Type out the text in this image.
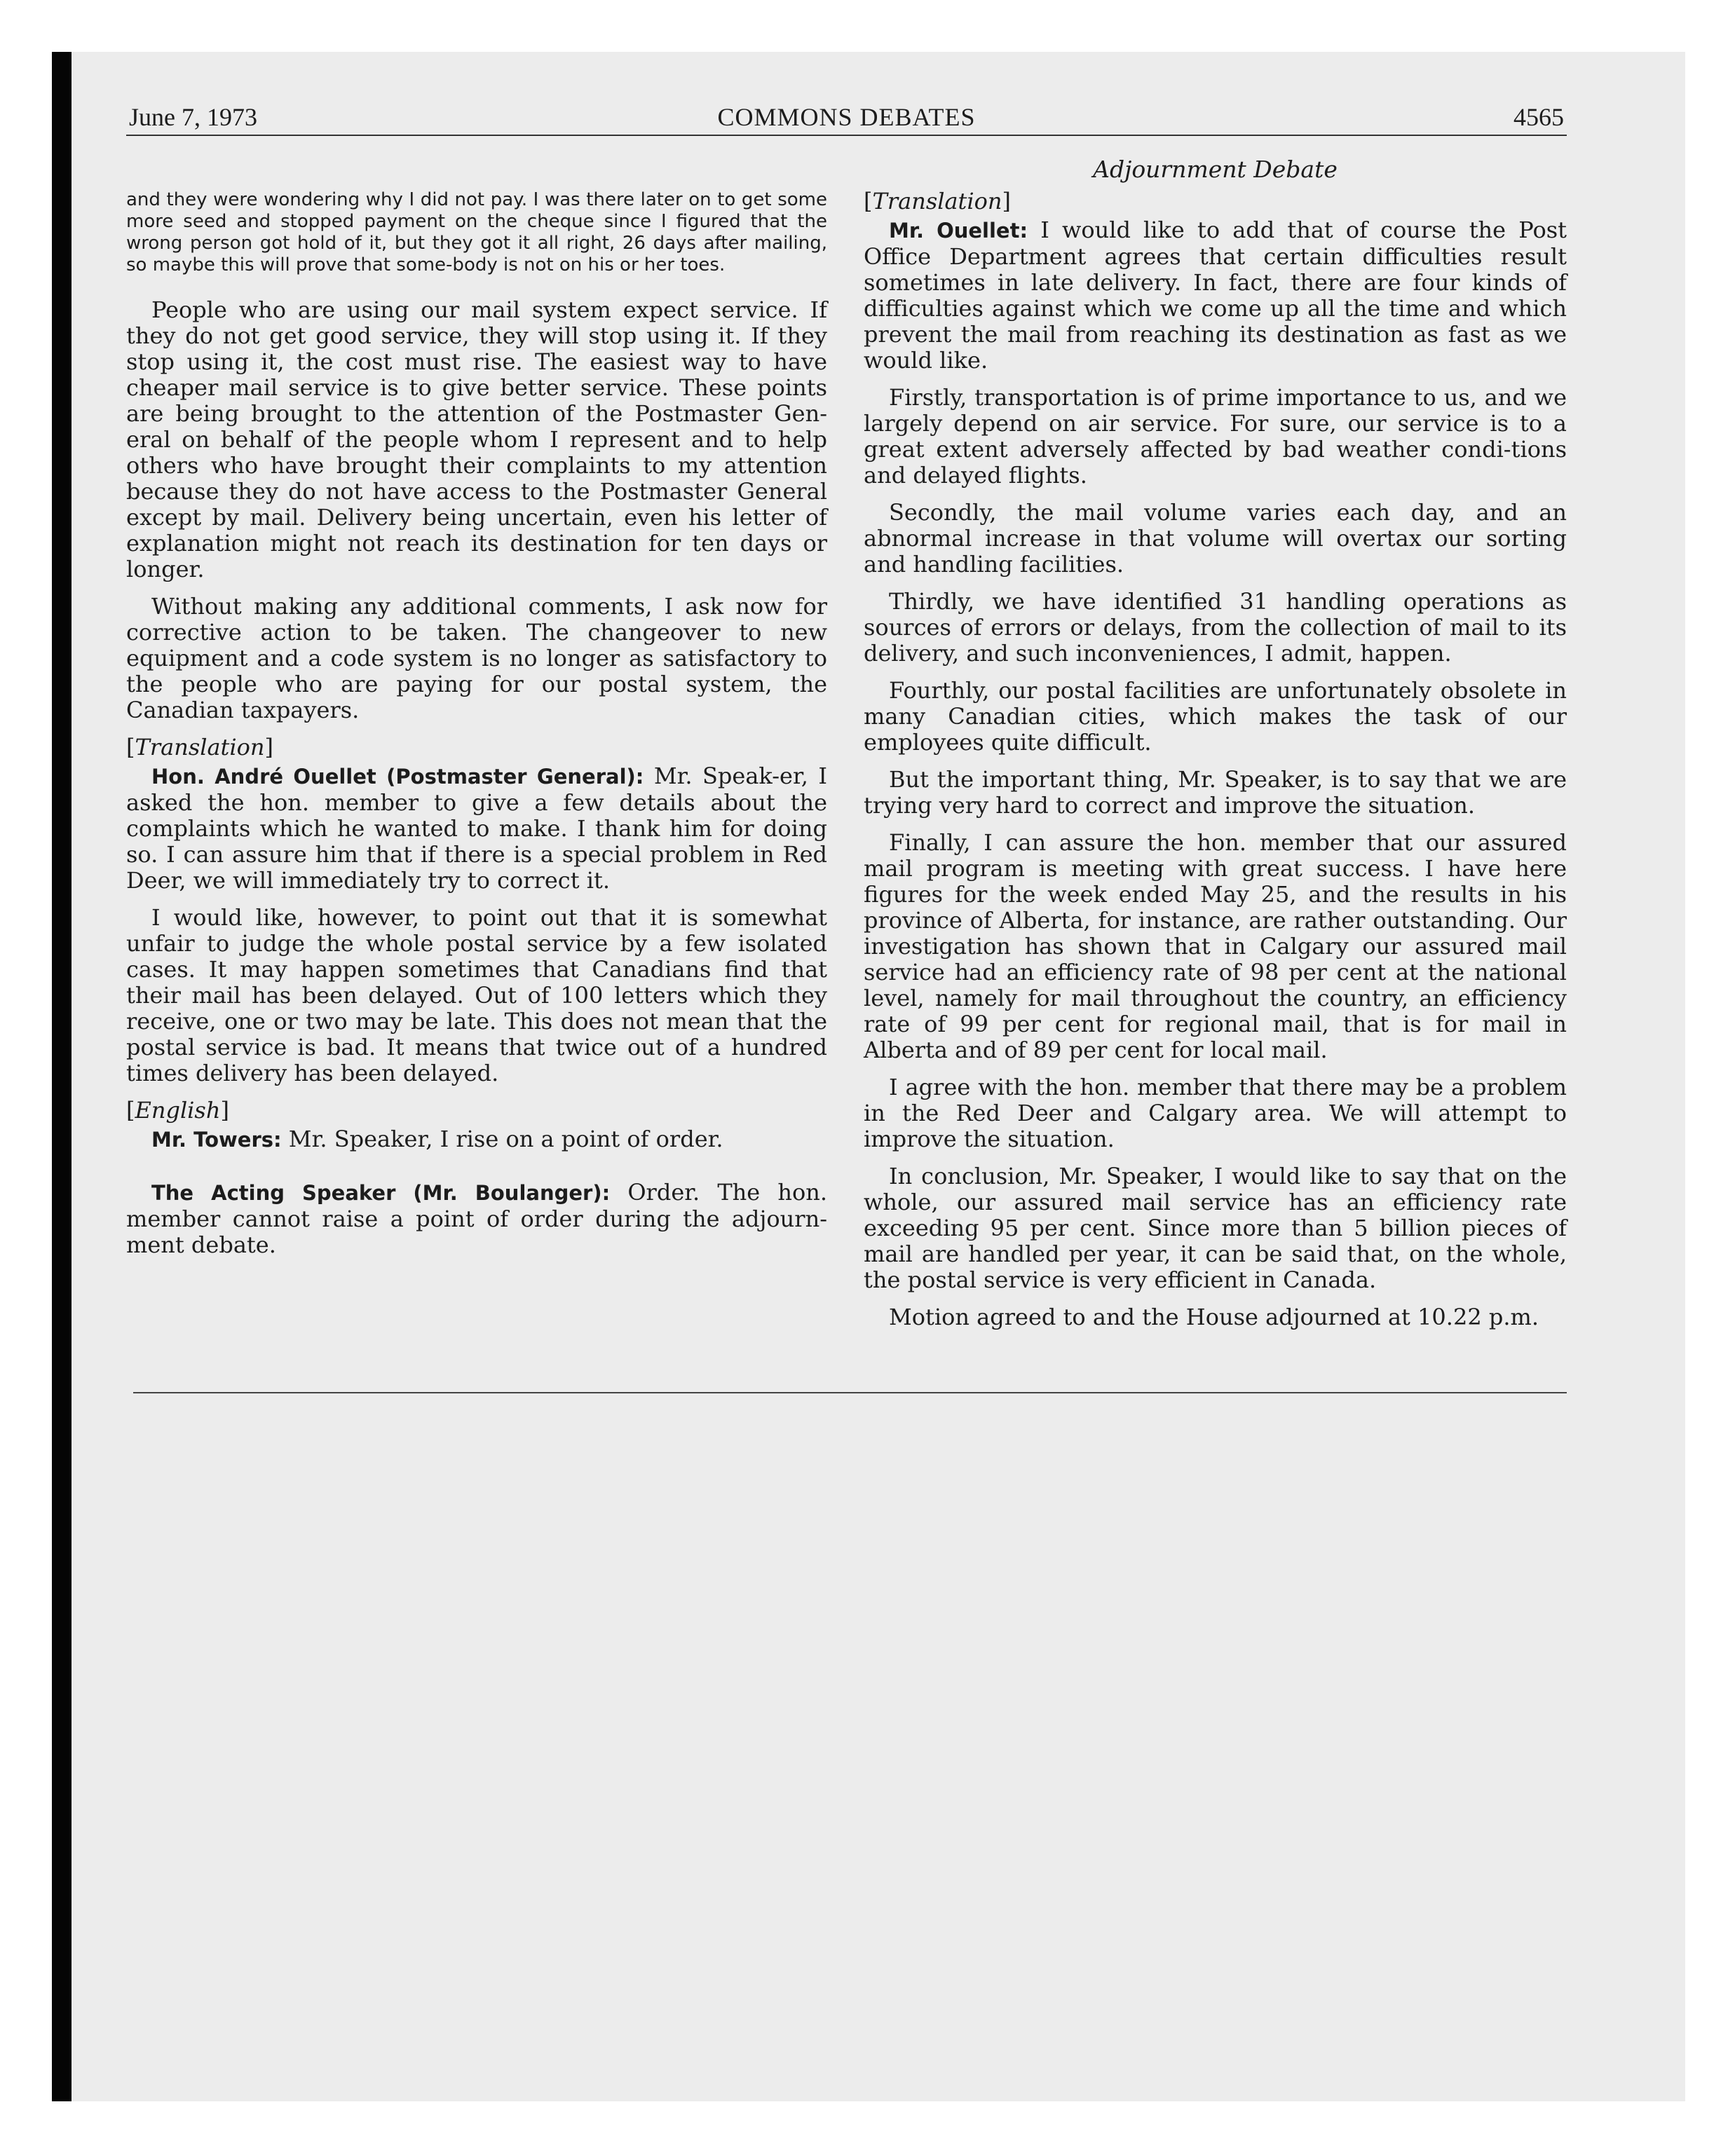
June 7, 1973	COMMONS DEBATES	4565

and they were wondering why I did not pay. I was there later on to get some more seed and stopped payment on the cheque since I figured that the wrong person got hold of it, but they got it all right, 26 days after mailing, so maybe this will prove that some-body is not on his or her toes.

People who are using our mail system expect service. If they do not get good service, they will stop using it. If they stop using it, the cost must rise. The easiest way to have cheaper mail service is to give better service. These points are being brought to the attention of the Postmaster Gen-eral on behalf of the people whom I represent and to help others who have brought their complaints to my attention because they do not have access to the Postmaster General except by mail. Delivery being uncertain, even his letter of explanation might not reach its destination for ten days or longer.

Without making any additional comments, I ask now for corrective action to be taken. The changeover to new equipment and a code system is no longer as satisfactory to the people who are paying for our postal system, the Canadian taxpayers.

[Translation]

Hon. André Ouellet (Postmaster General): Mr. Speak-er, I asked the hon. member to give a few details about the complaints which he wanted to make. I thank him for doing so. I can assure him that if there is a special problem in Red Deer, we will immediately try to correct it.

I would like, however, to point out that it is somewhat unfair to judge the whole postal service by a few isolated cases. It may happen sometimes that Canadians find that their mail has been delayed. Out of 100 letters which they receive, one or two may be late. This does not mean that the postal service is bad. It means that twice out of a hundred times delivery has been delayed.

[English]

Mr. Towers: Mr. Speaker, I rise on a point of order.

The Acting Speaker (Mr. Boulanger): Order. The hon. member cannot raise a point of order during the adjourn-ment debate.

Adjournment Debate
[Translation]

Mr. Ouellet: I would like to add that of course the Post Office Department agrees that certain difficulties result sometimes in late delivery. In fact, there are four kinds of difficulties against which we come up all the time and which prevent the mail from reaching its destination as fast as we would like.

Firstly, transportation is of prime importance to us, and we largely depend on air service. For sure, our service is to a great extent adversely affected by bad weather condi-tions and delayed flights.

Secondly, the mail volume varies each day, and an abnormal increase in that volume will overtax our sorting and handling facilities.

Thirdly, we have identified 31 handling operations as sources of errors or delays, from the collection of mail to its delivery, and such inconveniences, I admit, happen.

Fourthly, our postal facilities are unfortunately obsolete in many Canadian cities, which makes the task of our employees quite difficult.

But the important thing, Mr. Speaker, is to say that we are trying very hard to correct and improve the situation.

Finally, I can assure the hon. member that our assured mail program is meeting with great success. I have here figures for the week ended May 25, and the results in his province of Alberta, for instance, are rather outstanding. Our investigation has shown that in Calgary our assured mail service had an efficiency rate of 98 per cent at the national level, namely for mail throughout the country, an efficiency rate of 99 per cent for regional mail, that is for mail in Alberta and of 89 per cent for local mail.

I agree with the hon. member that there may be a problem in the Red Deer and Calgary area. We will attempt to improve the situation.

In conclusion, Mr. Speaker, I would like to say that on the whole, our assured mail service has an efficiency rate exceeding 95 per cent. Since more than 5 billion pieces of mail are handled per year, it can be said that, on the whole, the postal service is very efficient in Canada.

Motion agreed to and the House adjourned at 10.22 p.m.
